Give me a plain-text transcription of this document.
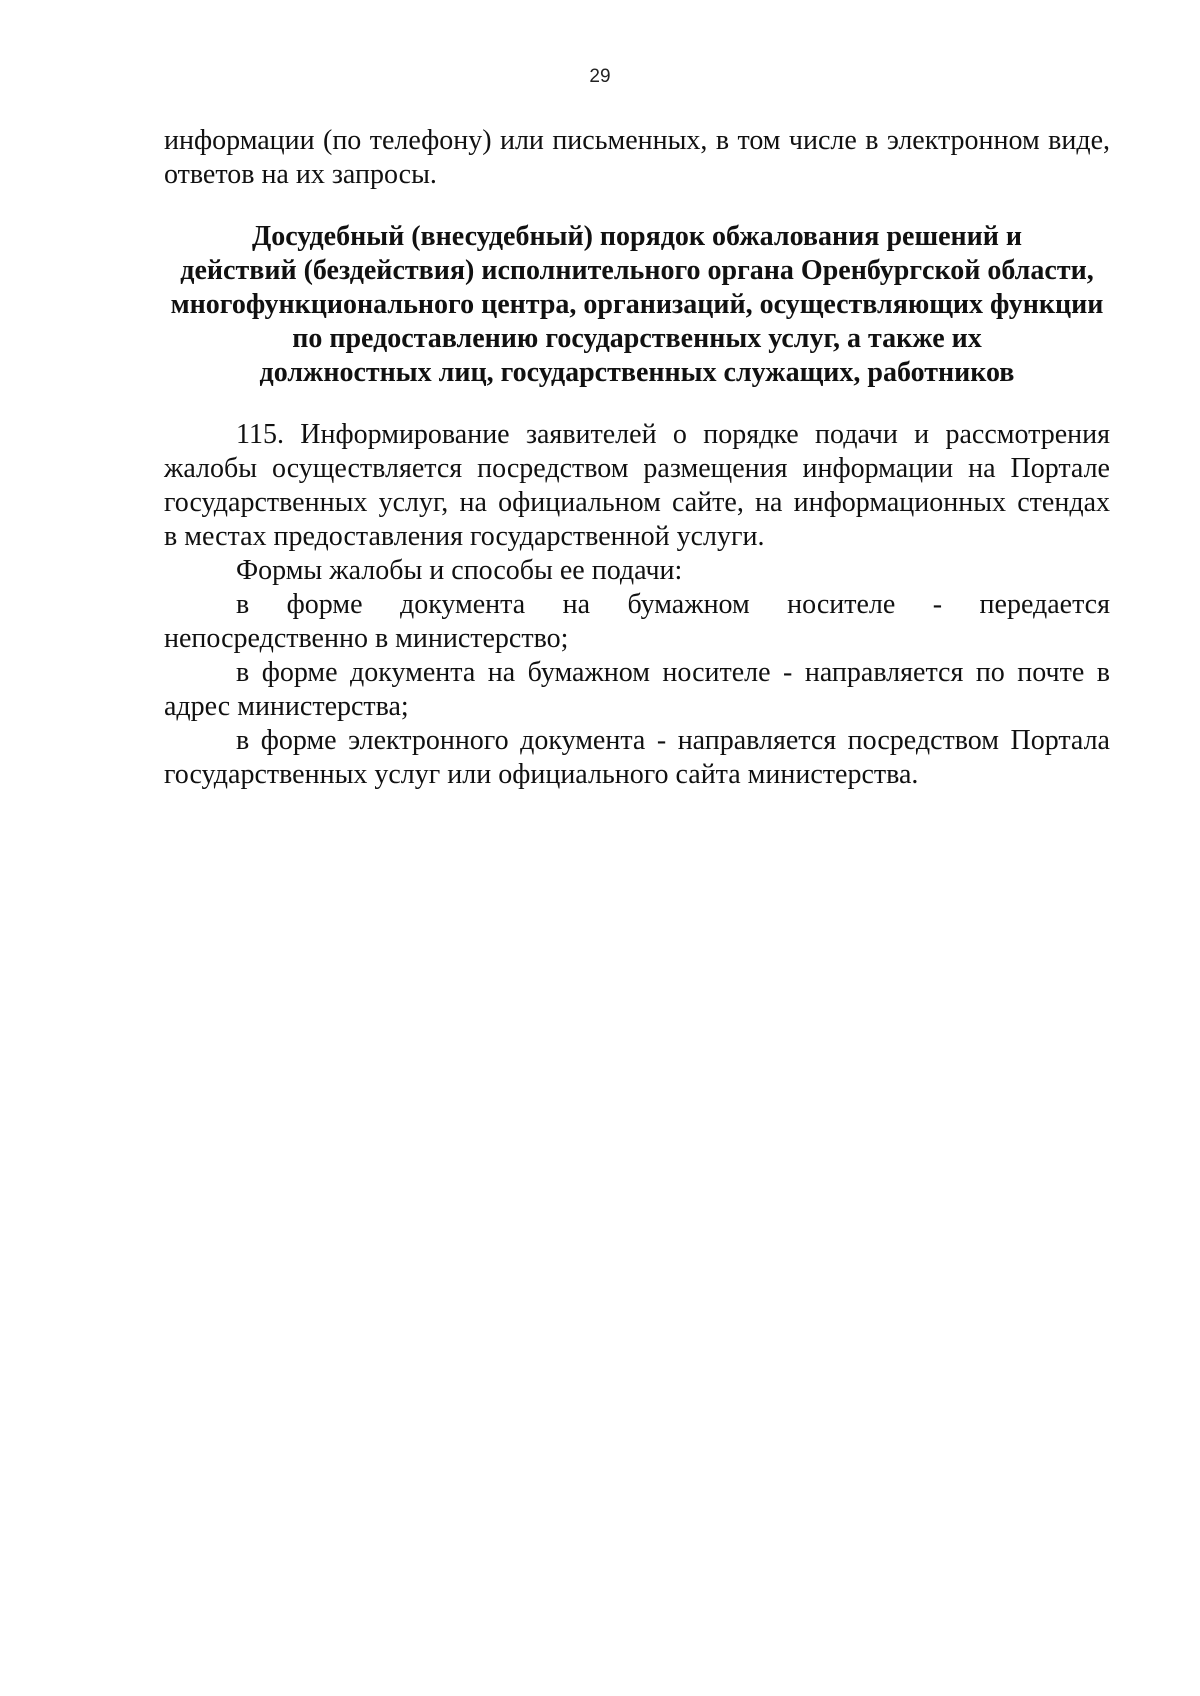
29
информации (по телефону) или письменных, в том числе в электронном виде,
ответов на их запросы.
Досудебный (внесудебный) порядок обжалования решений и
действий (бездействия) исполнительного органа Оренбургской области,
многофункционального центра, организаций, осуществляющих функции
по предоставлению государственных услуг, а также их
должностных лиц, государственных служащих, работников
115. Информирование заявителей о порядке подачи и рассмотрения
жалобы осуществляется посредством размещения информации на Портале
государственных услуг, на официальном сайте, на информационных стендах
в местах предоставления государственной услуги.
Формы жалобы и способы ее подачи:
в форме документа на бумажном носителе - передается
непосредственно в министерство;
в форме документа на бумажном носителе - направляется по почте в
адрес министерства;
в форме электронного документа - направляется посредством Портала
государственных услуг или официального сайта министерства.
